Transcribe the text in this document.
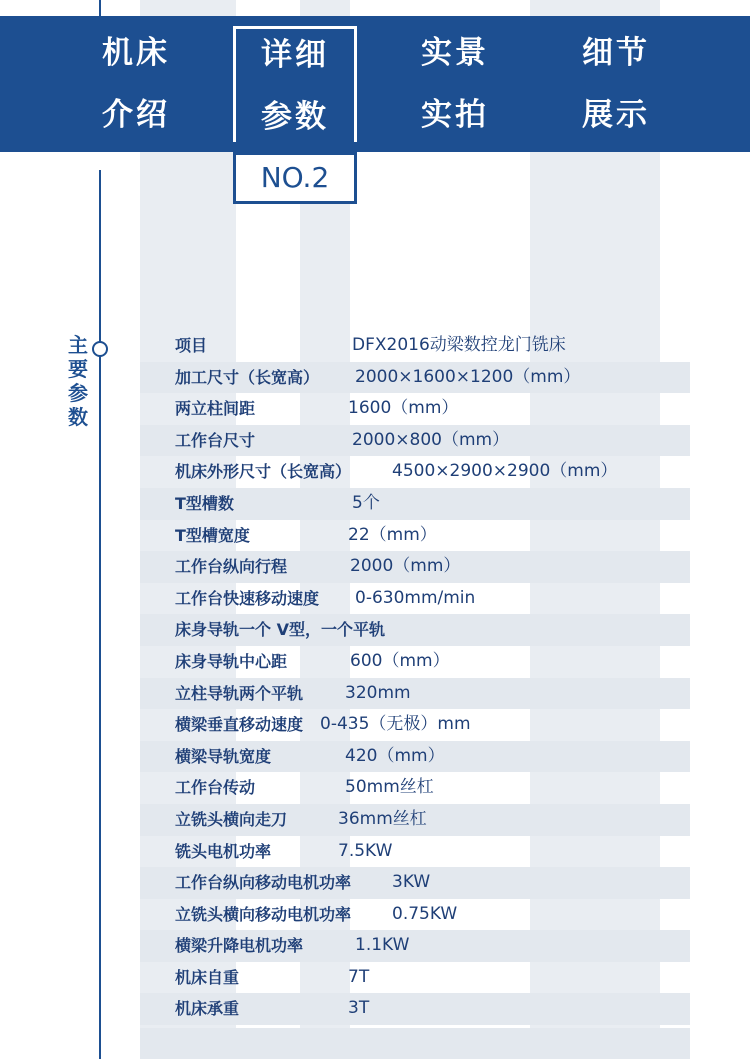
机床
介绍
详细
参数
实景
实拍
细节
展示
NO.2
主要参数
项目	DFX2016动梁数控龙门铣床
加工尺寸（长宽高） 2000×1600×1200（mm）
两立柱间距	1600（mm）
工作台尺寸	2000×800（mm）
机床外形尺寸（长宽高） 4500×2900×2900（mm）
T型槽数	5个
T型槽宽度	22（mm）
工作台纵向行程	2000（mm）
工作台快速移动速度 0-630mm/min
床身导轨一个 V型，一个平轨
床身导轨中心距	600（mm）
立柱导轨两个平轨 320mm
横梁垂直移动速度 0-435（无极）mm
横梁导轨宽度	420（mm）
工作台传动	50mm丝杠
立铣头横向走刀	36mm丝杠
铣头电机功率	7.5KW
工作台纵向移动电机功率 3KW
立铣头横向移动电机功率 0.75KW
横梁升降电机功率	1.1KW
机床自重	7T
机床承重	3T
